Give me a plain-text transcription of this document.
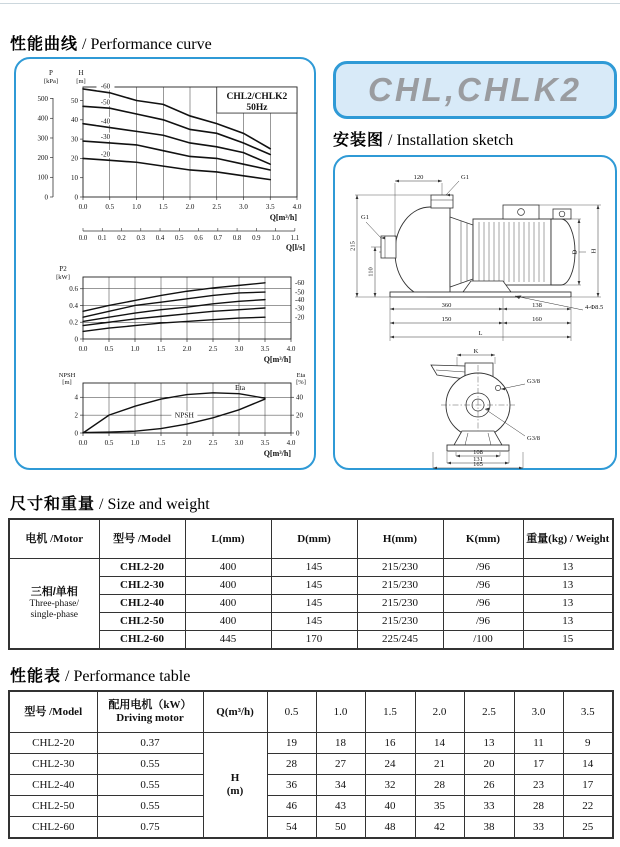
性能曲线 / Performance curve
P
[kPa]
0
100
200
300
400
500
H
[m]
0
10
20
30
40
50	CHL2/CHLK2
50Hz
-60
-50
-40
-30
-20
0.0	0.5	1.0	1.5	2.0	2.5	3.0	3.5	4.0
Q[m³/h]
0.0 0.1 0.2 0.3 0.4 0.5 0.6 0.7 0.8 0.9 1.0 1.1
Q[l/s]
P2
[kW]
0
0.2
0.4
0.6
-60
-50
-40
-30
-20
0.0 0.5 1.0 1.5 2.0 2.5 3.0 3.5 4.0
Q[m³/h]
NPSH
[m]
Eta
[%]
0
2
4
0
20
40
Eta
NPSH
0.0 0.5 1.0 1.5 2.0 2.5 3.0 3.5 4.0
Q[m³/h]
CHL,CHLK2
安装图 / Installation sketch
120	G1
G1
215
110
360	138
150	160
L
4-Φ8.5
D H
K
G3/8
G3/8
108
131
165
尺寸和重量 / Size and weight
电机 /Motor	型号 /Model	L(mm)	D(mm)	H(mm)	K(mm)	重量(kg) / Weight

三相/单相
Three-phase/
single-phase	CHL2-20	400	145	215/230	/96	13
	CHL2-30	400	145	215/230	/96	13
	CHL2-40	400	145	215/230	/96	13
	CHL2-50	400	145	215/230	/96	13
	CHL2-60	445	170	225/245	/100	15
性能表 / Performance table
型号 /Model	配用电机（kW）
Driving motor	Q(m³/h)	0.5	1.0	1.5	2.0	2.5	3.0	3.5
CHL2-20	0.37	H
(m)	19	18	16	14	13	11	9
CHL2-30	0.55		28	27	24	21	20	17	14
CHL2-40	0.55		36	34	32	28	26	23	17
CHL2-50	0.55		46	43	40	35	33	28	22
CHL2-60	0.75		54	50	48	42	38	33	25
